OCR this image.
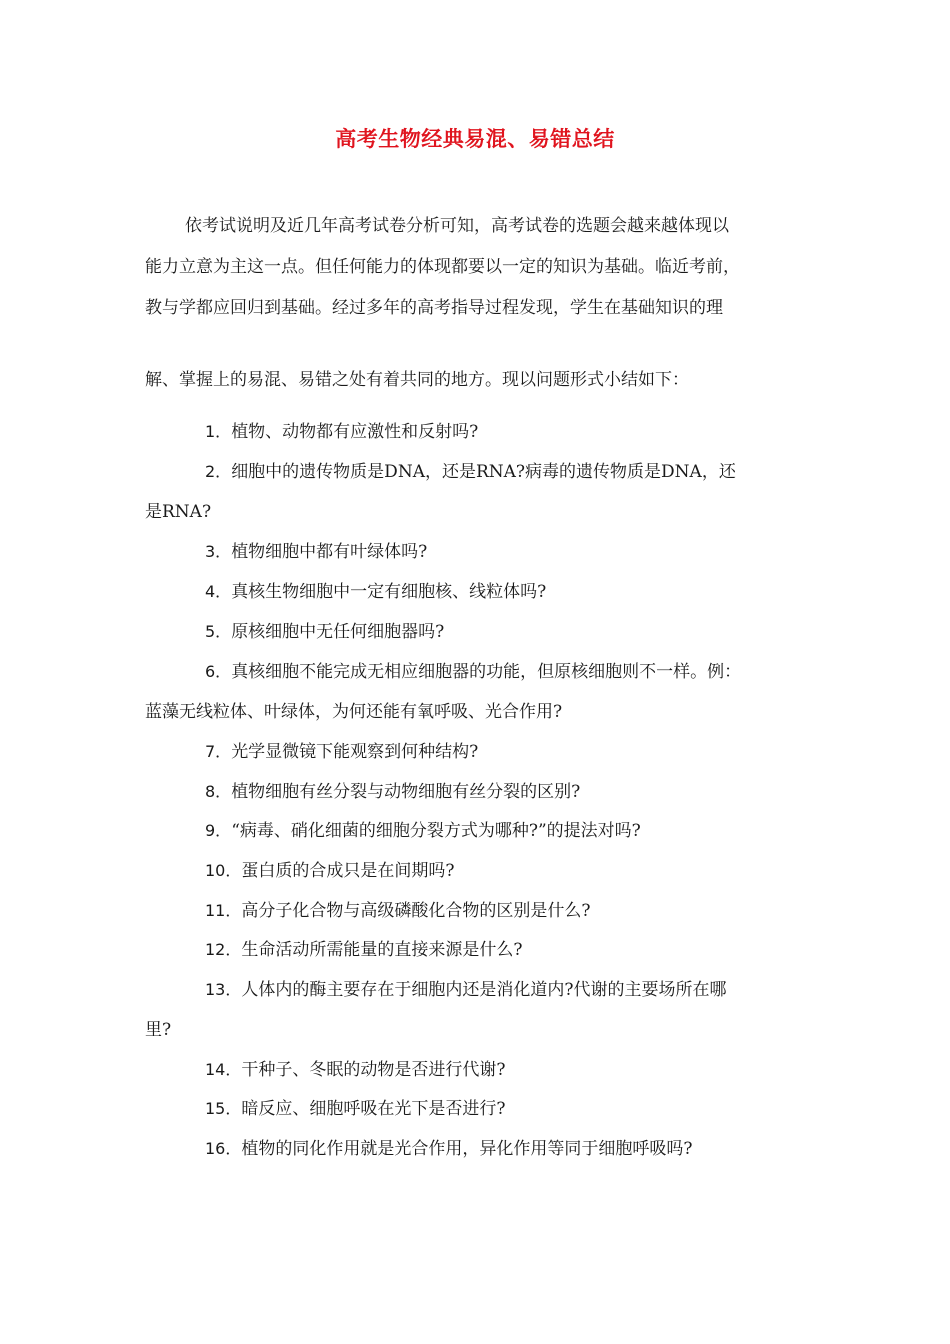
高考生物经典易混、易错总结
依考试说明及近几年高考试卷分析可知，高考试卷的选题会越来越体现以
能力立意为主这一点。但任何能力的体现都要以一定的知识为基础。临近考前，
教与学都应回归到基础。经过多年的高考指导过程发现，学生在基础知识的理
解、掌握上的易混、易错之处有着共同的地方。现以问题形式小结如下：
1．植物、动物都有应激性和反射吗?
2．细胞中的遗传物质是DNA，还是RNA?病毒的遗传物质是DNA，还
是RNA?
3．植物细胞中都有叶绿体吗?
4．真核生物细胞中一定有细胞核、线粒体吗?
5．原核细胞中无任何细胞器吗?
6．真核细胞不能完成无相应细胞器的功能，但原核细胞则不一样。例：
蓝藻无线粒体、叶绿体，为何还能有氧呼吸、光合作用?
7．光学显微镜下能观察到何种结构?
8．植物细胞有丝分裂与动物细胞有丝分裂的区别?
9．“病毒、硝化细菌的细胞分裂方式为哪种?”的提法对吗?
10．蛋白质的合成只是在间期吗?
11．高分子化合物与高级磷酸化合物的区别是什么?
12．生命活动所需能量的直接来源是什么?
13．人体内的酶主要存在于细胞内还是消化道内?代谢的主要场所在哪
里?
14．干种子、冬眠的动物是否进行代谢?
15．暗反应、细胞呼吸在光下是否进行?
16．植物的同化作用就是光合作用，异化作用等同于细胞呼吸吗?
